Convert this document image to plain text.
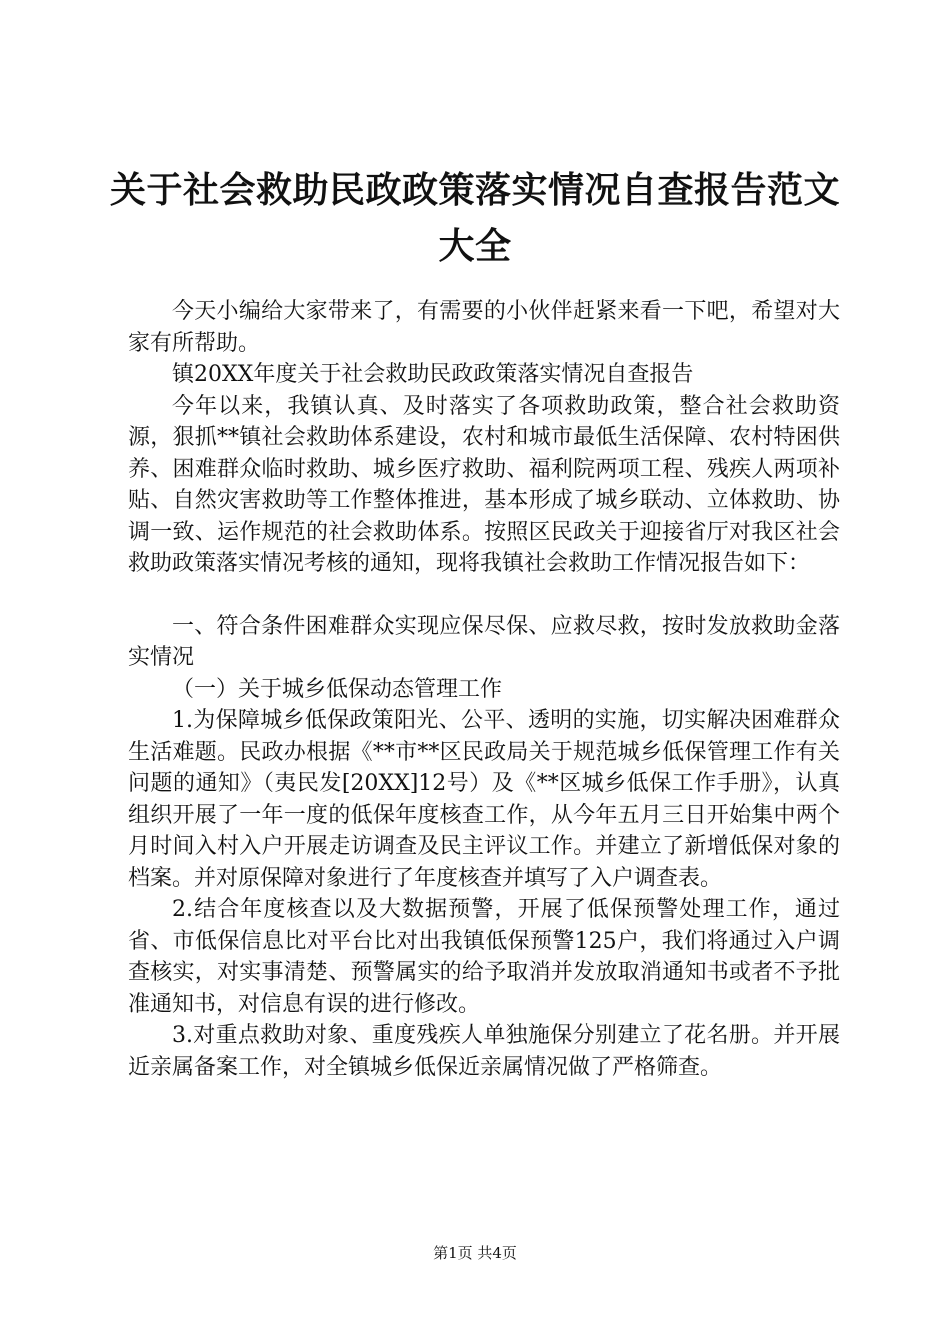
关于社会救助民政政策落实情况自查报告范文大全

今天小编给大家带来了，有需要的小伙伴赶紧来看一下吧，希望对大家有所帮助。

镇20XX年度关于社会救助民政政策落实情况自查报告

今年以来，我镇认真、及时落实了各项救助政策，整合社会救助资源，狠抓**镇社会救助体系建设，农村和城市最低生活保障、农村特困供养、困难群众临时救助、城乡医疗救助、福利院两项工程、残疾人两项补贴、自然灾害救助等工作整体推进，基本形成了城乡联动、立体救助、协调一致、运作规范的社会救助体系。按照区民政关于迎接省厅对我区社会救助政策落实情况考核的通知，现将我镇社会救助工作情况报告如下：

一、符合条件困难群众实现应保尽保、应救尽救，按时发放救助金落实情况

（一）关于城乡低保动态管理工作

1.为保障城乡低保政策阳光、公平、透明的实施，切实解决困难群众生活难题。民政办根据《**市**区民政局关于规范城乡低保管理工作有关问题的通知》（夷民发[20XX]12号）及《**区城乡低保工作手册》，认真组织开展了一年一度的低保年度核查工作，从今年五月三日开始集中两个月时间入村入户开展走访调查及民主评议工作。并建立了新增低保对象的档案。并对原保障对象进行了年度核查并填写了入户调查表。

2.结合年度核查以及大数据预警，开展了低保预警处理工作，通过省、市低保信息比对平台比对出我镇低保预警125户，我们将通过入户调查核实，对实事清楚、预警属实的给予取消并发放取消通知书或者不予批准通知书，对信息有误的进行修改。

3.对重点救助对象、重度残疾人单独施保分别建立了花名册。并开展近亲属备案工作，对全镇城乡低保近亲属情况做了严格筛查。

第1页 共4页
